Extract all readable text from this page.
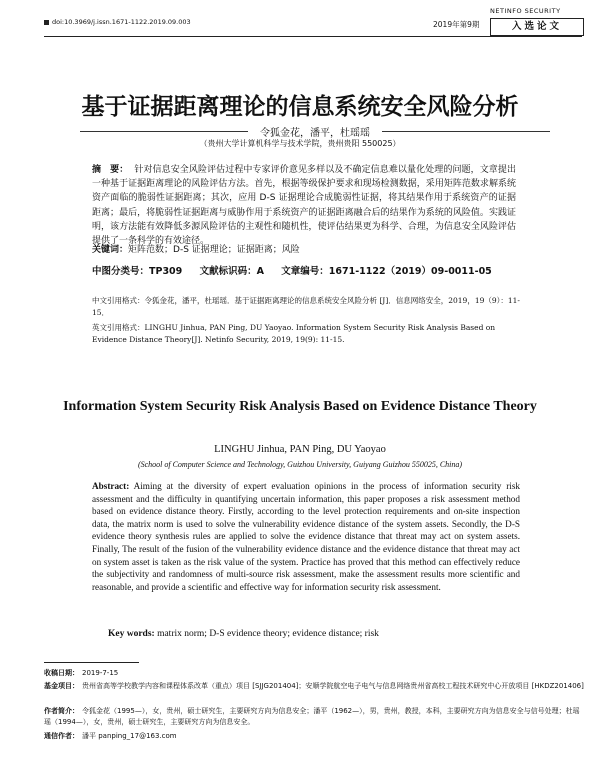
doi:10.3969/j.issn.1671-1122.2019.09.003	2019年第9期
NETINFO SECURITY
入选论文
基于证据距离理论的信息系统安全风险分析
令狐金花，潘平，杜瑶瑶
（贵州大学计算机科学与技术学院，贵州贵阳 550025）
摘　要： 针对信息安全风险评估过程中专家评价意见多样以及不确定信息难以量化处理的问题，文章提出一种基于证据距离理论的风险评估方法。首先，根据等级保护要求和现场检测数据，采用矩阵范数求解系统资产面临的脆弱性证据距离；其次，应用 D-S 证据理论合成脆弱性证据，将其结果作用于系统资产的证据距离；最后，将脆弱性证据距离与威胁作用于系统资产的证据距离融合后的结果作为系统的风险值。实践证明，该方法能有效降低多源风险评估的主观性和随机性，使评估结果更为科学、合理，为信息安全风险评估提供了一条科学的有效途径。
关键词：矩阵范数；D-S 证据理论；证据距离；风险
中图分类号：TP309 文献标识码：A 文章编号：1671-1122（2019）09-0011-05
中文引用格式：令狐金花，潘平，杜瑶瑶．基于证据距离理论的信息系统安全风险分析 [J]．信息网络安全，2019，19（9）：11-15．
英文引用格式：LINGHU Jinhua, PAN Ping, DU Yaoyao. Information System Security Risk Analysis Based on Evidence Distance Theory[J]. Netinfo Security, 2019, 19(9): 11-15.
Information System Security Risk Analysis Based on Evidence Distance Theory
LINGHU Jinhua, PAN Ping, DU Yaoyao
(School of Computer Science and Technology, Guizhou University, Guiyang Guizhou 550025, China)
Abstract: Aiming at the diversity of expert evaluation opinions in the process of information security risk assessment and the difficulty in quantifying uncertain information, this paper proposes a risk assessment method based on evidence distance theory. Firstly, according to the level protection requirements and on-site inspection data, the matrix norm is used to solve the vulnerability evidence distance of the system assets. Secondly, the D-S evidence theory synthesis rules are applied to solve the evidence distance that threat may act on system assets. Finally, The result of the fusion of the vulnerability evidence distance and the evidence distance that threat may act on system asset is taken as the risk value of the system. Practice has proved that this method can effectively reduce the subjectivity and randomness of multi-source risk assessment, make the assessment results more scientific and reasonable, and provide a scientific and effective way for information security risk assessment.
Key words: matrix norm; D-S evidence theory; evidence distance; risk
收稿日期： 2019-7-15
基金项目： 贵州省高等学校教学内容和课程体系改革（重点）项目 [SJJG201404]；安顺学院航空电子电气与信息网络贵州省高校工程技术研究中心开放项目 [HKDZ201406]
作者简介： 令狐金花（1995—），女，贵州，硕士研究生，主要研究方向为信息安全；潘平（1962—），男，贵州，教授，本科，主要研究方向为信息安全与信号处理；杜瑶瑶（1994—），女，贵州，硕士研究生，主要研究方向为信息安全。
通信作者： 潘平 panping_17@163.com
